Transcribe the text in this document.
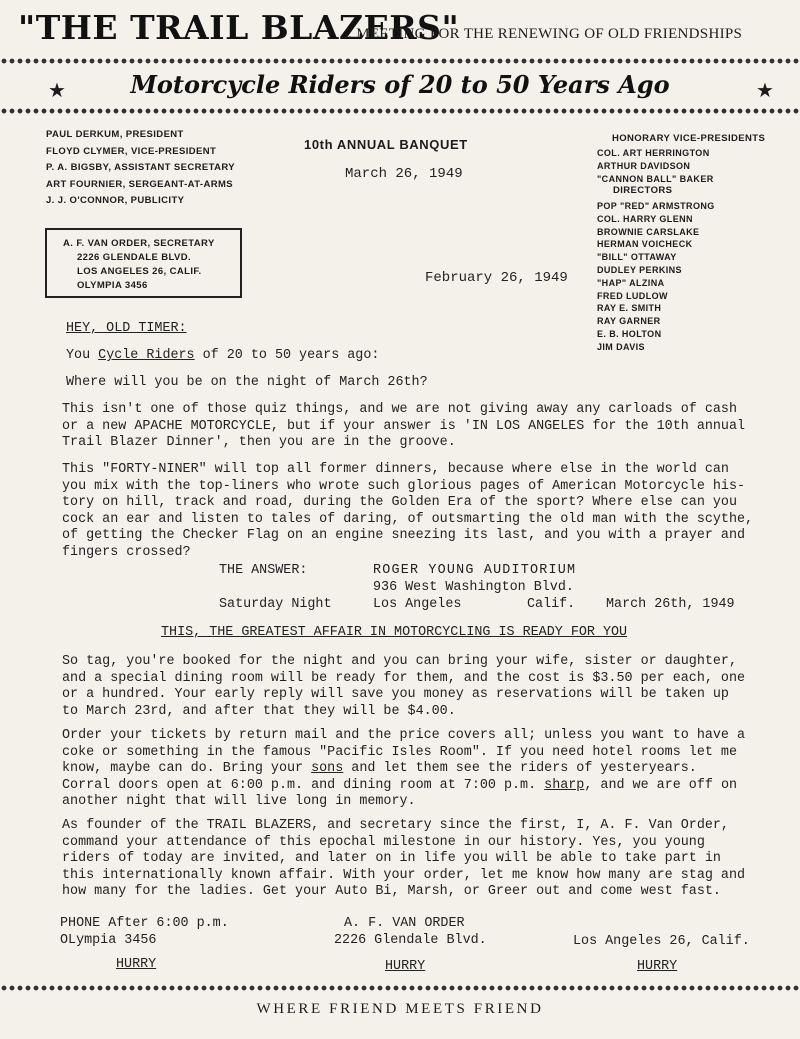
"THE TRAIL BLAZERS"
... MEETING FOR THE RENEWING OF OLD FRIENDSHIPS
★	Motorcycle Riders of 20 to 50 Years Ago	★
PAUL DERKUM, PRESIDENT
FLOYD CLYMER, VICE-PRESIDENT
P. A. BIGSBY, ASSISTANT SECRETARY
ART FOURNIER, SERGEANT-AT-ARMS
J. J. O'CONNOR, PUBLICITY
A. F. VAN ORDER, SECRETARY
2226 GLENDALE BLVD.
LOS ANGELES 26, CALIF.
OLYMPIA 3456
10th ANNUAL BANQUET
March 26, 1949
February 26, 1949
HONORARY VICE-PRESIDENTS
COL. ART HERRINGTON
ARTHUR DAVIDSON
"CANNON BALL" BAKER
DIRECTORS
POP "RED" ARMSTRONG
COL. HARRY GLENN
BROWNIE CARSLAKE
HERMAN VOICHECK
"BILL" OTTAWAY
DUDLEY PERKINS
"HAP" ALZINA
FRED LUDLOW
RAY E. SMITH
RAY GARNER
E. B. HOLTON
JIM DAVIS
HEY, OLD TIMER:
You Cycle Riders of 20 to 50 years ago:
Where will you be on the night of March 26th?
This isn't one of those quiz things, and we are not giving away any carloads of cash
or a new APACHE MOTORCYCLE, but if your answer is 'IN LOS ANGELES for the 10th annual
Trail Blazer Dinner', then you are in the groove.
This "FORTY-NINER" will top all former dinners, because where else in the world can
you mix with the top-liners who wrote such glorious pages of American Motorcycle his-
tory on hill, track and road, during the Golden Era of the sport? Where else can you
cock an ear and listen to tales of daring, of outsmarting the old man with the scythe,
of getting the Checker Flag on an engine sneezing its last, and you with a prayer and
fingers crossed?
THE ANSWER:	ROGER YOUNG AUDITORIUM
936 West Washington Blvd.
Saturday Night	Los Angeles	Calif. March 26th, 1949
THIS, THE GREATEST AFFAIR IN MOTORCYCLING IS READY FOR YOU
So tag, you're booked for the night and you can bring your wife, sister or daughter,
and a special dining room will be ready for them, and the cost is $3.50 per each, one
or a hundred. Your early reply will save you money as reservations will be taken up
to March 23rd, and after that they will be $4.00.
Order your tickets by return mail and the price covers all; unless you want to have a
coke or something in the famous "Pacific Isles Room". If you need hotel rooms let me
know, maybe can do. Bring your sons and let them see the riders of yesteryears.
Corral doors open at 6:00 p.m. and dining room at 7:00 p.m. sharp, and we are off on
another night that will live long in memory.
As founder of the TRAIL BLAZERS, and secretary since the first, I, A. F. Van Order,
command your attendance of this epochal milestone in our history. Yes, you young
riders of today are invited, and later on in life you will be able to take part in
this internationally known affair. With your order, let me know how many are stag and
how many for the ladies. Get your Auto Bi, Marsh, or Greer out and come west fast.
PHONE After 6:00 p.m.
OLympia 3456
A. F. VAN ORDER
2226 Glendale Blvd.	Los Angeles 26, Calif.
HURRY	HURRY	HURRY
WHERE FRIEND MEETS FRIEND
